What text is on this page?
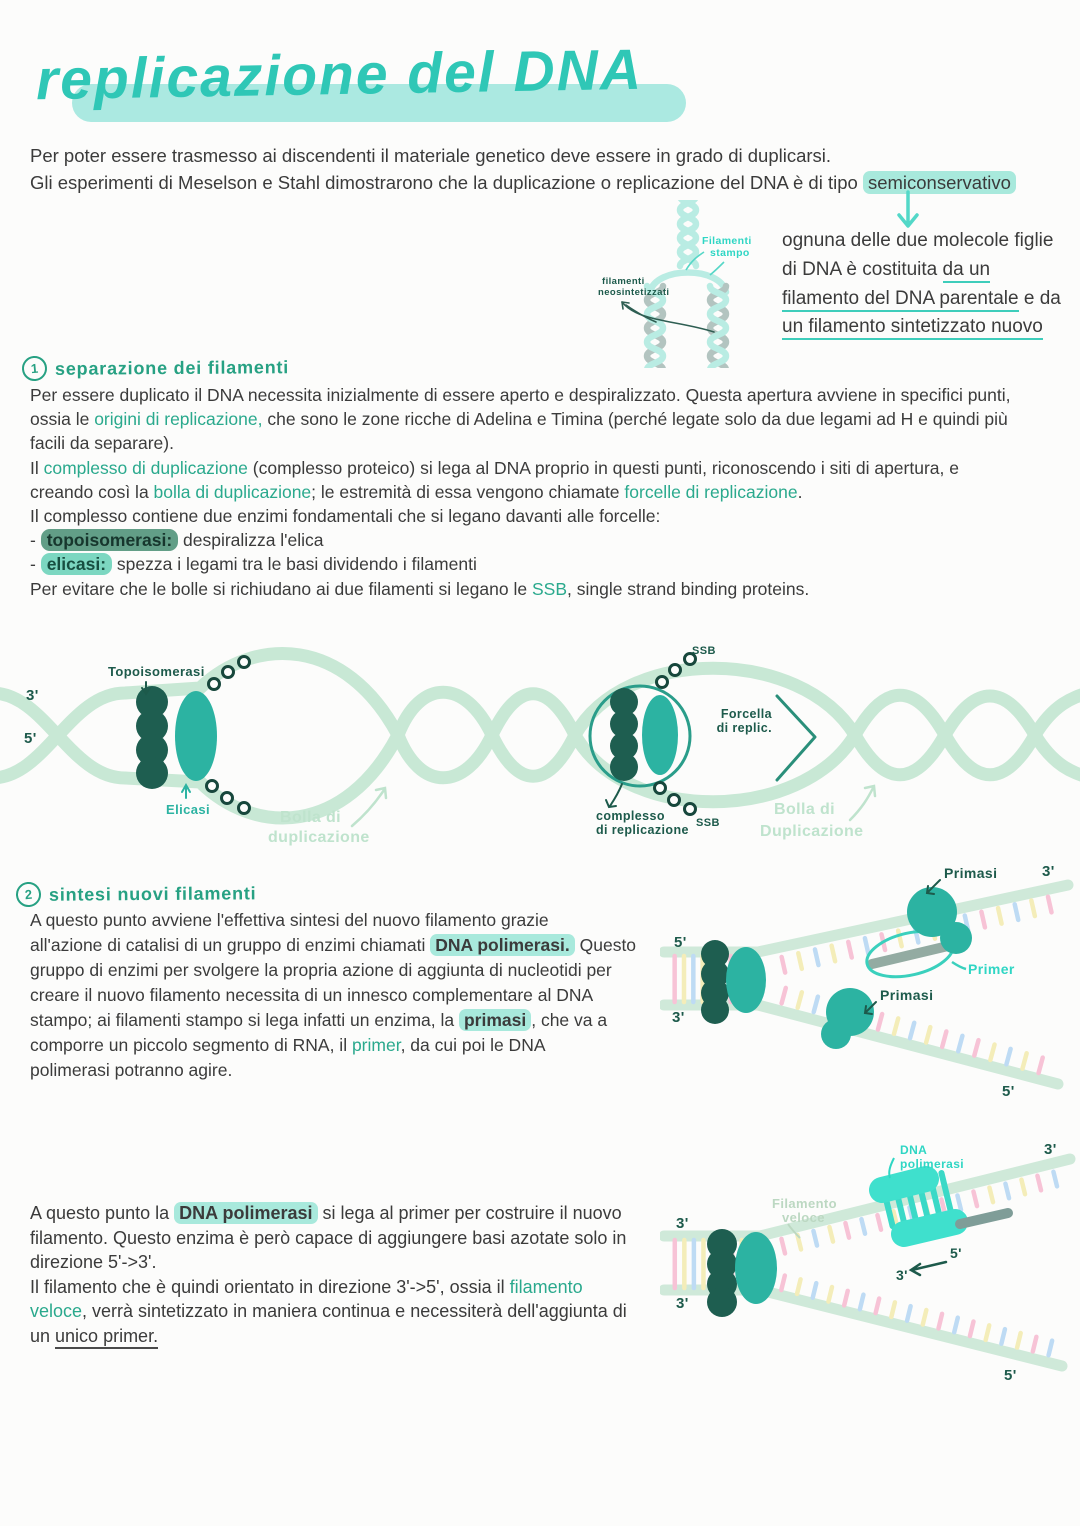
replicazione del DNA
Per poter essere trasmesso ai discendenti il materiale genetico deve essere in grado di duplicarsi.
Gli esperimenti di Meselson e Stahl dimostrarono che la duplicazione o replicazione del DNA è di tipo semiconservativo
Filamenti
stampo
filamenti
neosintetizzati
ognuna delle due molecole figlie
di DNA è costituita da un
filamento del DNA parentale e da
un filamento sintetizzato nuovo
1 separazione dei filamenti
Per essere duplicato il DNA necessita inizialmente di essere aperto e despiralizzato. Questa apertura avviene in specifici punti,
ossia le origini di replicazione, che sono le zone ricche di Adelina e Timina (perché legate solo da due legami ad H e quindi più
facili da separare).
Il complesso di duplicazione (complesso proteico) si lega al DNA proprio in questi punti, riconoscendo i siti di apertura, e
creando così la bolla di duplicazione; le estremità di essa vengono chiamate forcelle di replicazione.
Il complesso contiene due enzimi fondamentali che si legano davanti alle forcelle:
- topoisomerasi: despiralizza l'elica
- elicasi: spezza i legami tra le basi dividendo i filamenti
Per evitare che le bolle si richiudano ai due filamenti si legano le SSB, single strand binding proteins.
3'
5'
Topoisomerasi
Elicasi	Bolla di
duplicazione
SSB
SSB
complesso
di replicazione
Forcella
di replic.
Bolla di
Duplicazione
2 sintesi nuovi filamenti
A questo punto avviene l'effettiva sintesi del nuovo filamento grazie
all'azione di catalisi di un gruppo di enzimi chiamati DNA polimerasi. Questo
gruppo di enzimi per svolgere la propria azione di aggiunta di nucleotidi per
creare il nuovo filamento necessita di un innesco complementare al DNA
stampo; ai filamenti stampo si lega infatti un enzima, la primasi , che va a
comporre un piccolo segmento di RNA, il primer, da cui poi le DNA
polimerasi potranno agire.
5'
3'
Primasi	3'
Primasi
Primer
5'
A questo punto la DNA polimerasi si lega al primer per costruire il nuovo
filamento. Questo enzima è però capace di aggiungere basi azotate solo in
direzione 5'->3'.
Il filamento che è quindi orientato in direzione 3'->5', ossia il filamento
veloce, verrà sintetizzato in maniera continua e necessiterà dell'aggiunta di
un unico primer.
3'
3'
Filamento
veloce
DNA
polimerasi
5'
3'
3'
5'
